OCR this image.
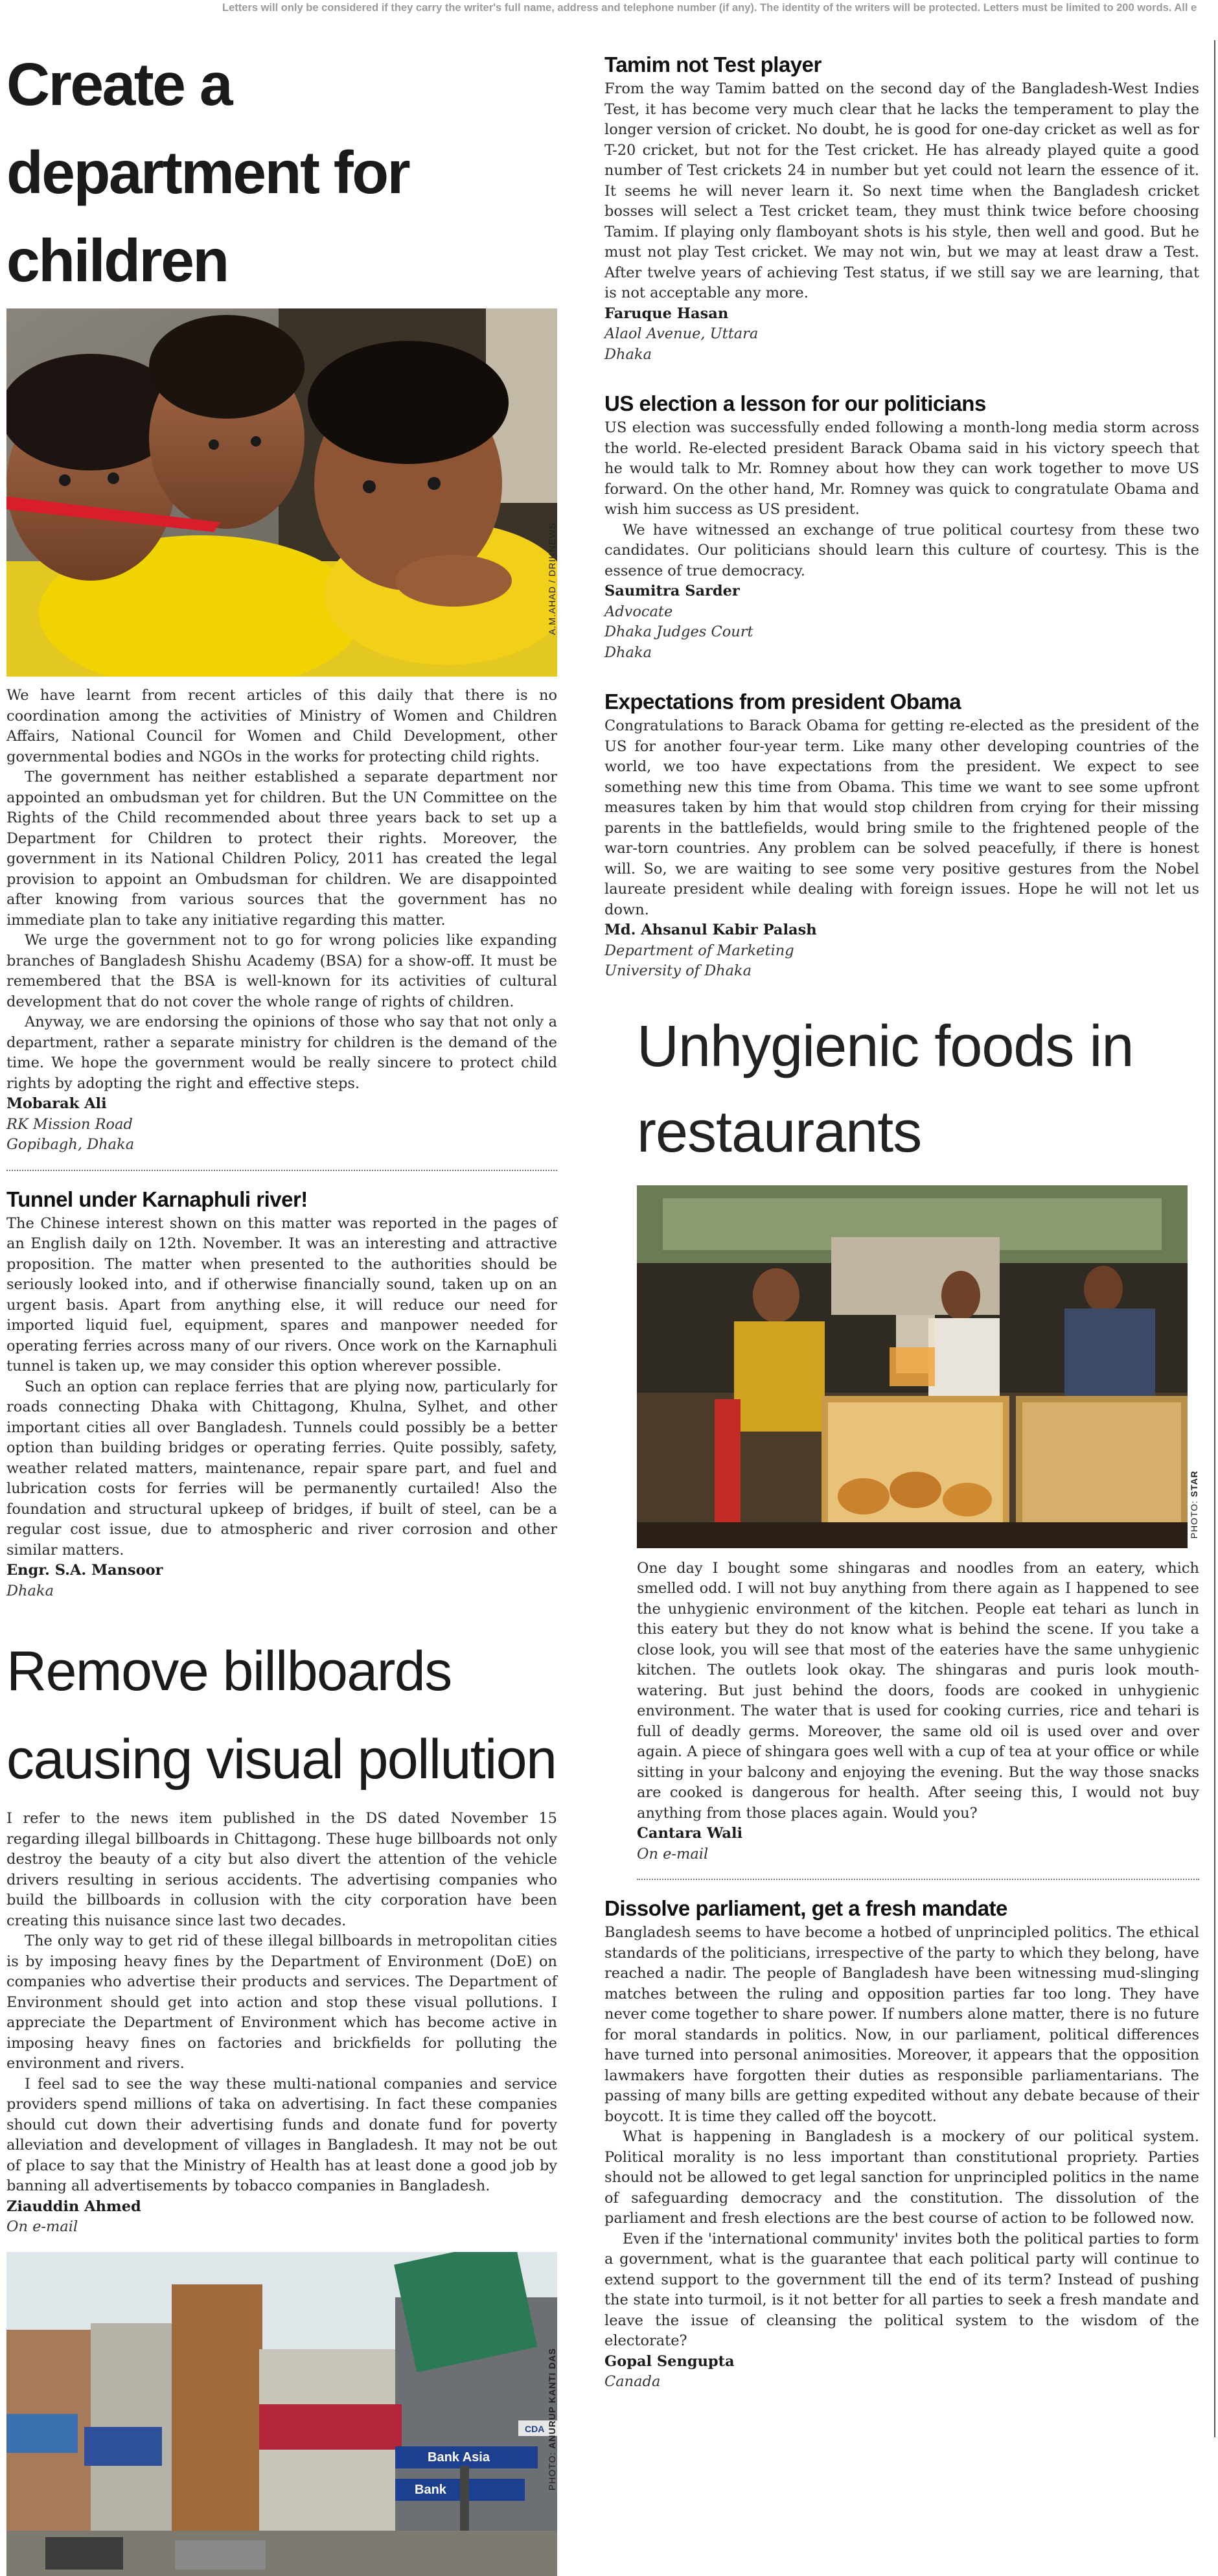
Letters will only be considered if they carry the writer's full name, address and telephone number (if any). The identity of the writers will be protected. Letters must be limited to 200 words. All e
Create a department for children
A.M.AHAD / DRIKNEWS

We have learnt from recent articles of this daily that there is no coordination among the activities of Ministry of Women and Children Affairs, National Council for Women and Child Development, other governmental bodies and NGOs in the works for protecting child rights.

The government has neither established a separate department nor appointed an ombudsman yet for children. But the UN Committee on the Rights of the Child recommended about three years back to set up a Department for Children to protect their rights. Moreover, the government in its National Children Policy, 2011 has created the legal provision to appoint an Ombudsman for children. We are disappointed after knowing from various sources that the government has no immediate plan to take any initiative regarding this matter.

We urge the government not to go for wrong policies like expanding branches of Bangladesh Shishu Academy (BSA) for a show-off. It must be remembered that the BSA is well-known for its activities of cultural development that do not cover the whole range of rights of children.

Anyway, we are endorsing the opinions of those who say that not only a department, rather a separate ministry for children is the demand of the time. We hope the government would be really sincere to protect child rights by adopting the right and effective steps.

Mobarak Ali

RK Mission Road

Gopibagh, Dhaka

Tunnel under Karnaphuli river!

The Chinese interest shown on this matter was reported in the pages of an English daily on 12th. November. It was an interesting and attractive proposition. The matter when presented to the authorities should be seriously looked into, and if otherwise financially sound, taken up on an urgent basis. Apart from anything else, it will reduce our need for imported liquid fuel, equipment, spares and manpower needed for operating ferries across many of our rivers. Once work on the Karnaphuli tunnel is taken up, we may consider this option wherever possible.

Such an option can replace ferries that are plying now, particularly for roads connecting Dhaka with Chittagong, Khulna, Sylhet, and other important cities all over Bangladesh. Tunnels could possibly be a better option than building bridges or operating ferries. Quite possibly, safety, weather related matters, maintenance, repair spare part, and fuel and lubrication costs for ferries will be permanently curtailed! Also the foundation and structural upkeep of bridges, if built of steel, can be a regular cost issue, due to atmospheric and river corrosion and other similar matters.

Engr. S.A. Mansoor

Dhaka

Remove billboards causing visual pollution

I refer to the news item published in the DS dated November 15 regarding illegal billboards in Chittagong. These huge billboards not only destroy the beauty of a city but also divert the attention of the vehicle drivers resulting in serious accidents. The advertising companies who build the billboards in collusion with the city corporation have been creating this nuisance since last two decades.

The only way to get rid of these illegal billboards in metropolitan cities is by imposing heavy fines by the Department of Environment (DoE) on companies who advertise their products and services. The Department of Environment should get into action and stop these visual pollutions. I appreciate the Department of Environment which has become active in imposing heavy fines on factories and brickfields for polluting the environment and rivers.

I feel sad to see the way these multi-national companies and service providers spend millions of taka on advertising. In fact these companies should cut down their advertising funds and donate fund for poverty alleviation and development of villages in Bangladesh. It may not be out of place to say that the Ministry of Health has at least done a good job by banning all advertisements by tobacco companies in Bangladesh.

Ziauddin Ahmed

On e-mail

Bank Asia
Bank
CDA
PHOTO: ANURUP KANTI DAS
Tamim not Test player

From the way Tamim batted on the second day of the Bangladesh-West Indies Test, it has become very much clear that he lacks the temperament to play the longer version of cricket. No doubt, he is good for one-day cricket as well as for T-20 cricket, but not for the Test cricket. He has already played quite a good number of Test crickets 24 in number but yet could not learn the essence of it. It seems he will never learn it. So next time when the Bangladesh cricket bosses will select a Test cricket team, they must think twice before choosing Tamim. If playing only flamboyant shots is his style, then well and good. But he must not play Test cricket. We may not win, but we may at least draw a Test. After twelve years of achieving Test status, if we still say we are learning, that is not acceptable any more.

Faruque Hasan

Alaol Avenue, Uttara

Dhaka

US election a lesson for our politicians

US election was successfully ended following a month-long media storm across the world. Re-elected president Barack Obama said in his victory speech that he would talk to Mr. Romney about how they can work together to move US forward. On the other hand, Mr. Romney was quick to congratulate Obama and wish him success as US president.

We have witnessed an exchange of true political courtesy from these two candidates. Our politicians should learn this culture of courtesy. This is the essence of true democracy.

Saumitra Sarder

Advocate

Dhaka Judges Court

Dhaka

Expectations from president Obama

Congratulations to Barack Obama for getting re-elected as the president of the US for another four-year term. Like many other developing countries of the world, we too have expectations from the president. We expect to see something new this time from Obama. This time we want to see some upfront measures taken by him that would stop children from crying for their missing parents in the battlefields, would bring smile to the frightened people of the war-torn countries. Any problem can be solved peacefully, if there is honest will. So, we are waiting to see some very positive gestures from the Nobel laureate president while dealing with foreign issues. Hope he will not let us down.

Md. Ahsanul Kabir Palash

Department of Marketing

University of Dhaka

Unhygienic foods in restaurants
PHOTO: STAR

One day I bought some shingaras and noodles from an eatery, which smelled odd. I will not buy anything from there again as I happened to see the unhygienic environment of the kitchen. People eat tehari as lunch in this eatery but they do not know what is behind the scene. If you take a close look, you will see that most of the eateries have the same unhygienic kitchen. The outlets look okay. The shingaras and puris look mouth-watering. But just behind the doors, foods are cooked in unhygienic environment. The water that is used for cooking curries, rice and tehari is full of deadly germs. Moreover, the same old oil is used over and over again. A piece of shingara goes well with a cup of tea at your office or while sitting in your balcony and enjoying the evening. But the way those snacks are cooked is dangerous for health. After seeing this, I would not buy anything from those places again. Would you?

Cantara Wali

On e-mail

Dissolve parliament, get a fresh mandate

Bangladesh seems to have become a hotbed of unprincipled politics. The ethical standards of the politicians, irrespective of the party to which they belong, have reached a nadir. The people of Bangladesh have been witnessing mud-slinging matches between the ruling and opposition parties far too long. They have never come together to share power. If numbers alone matter, there is no future for moral standards in politics. Now, in our parliament, political differences have turned into personal animosities. Moreover, it appears that the opposition lawmakers have forgotten their duties as responsible parliamentarians. The passing of many bills are getting expedited without any debate because of their boycott. It is time they called off the boycott.

What is happening in Bangladesh is a mockery of our political system. Political morality is no less important than constitutional propriety. Parties should not be allowed to get legal sanction for unprincipled politics in the name of safeguarding democracy and the constitution. The dissolution of the parliament and fresh elections are the best course of action to be followed now.

Even if the 'international community' invites both the political parties to form a government, what is the guarantee that each political party will continue to extend support to the government till the end of its term? Instead of pushing the state into turmoil, is it not better for all parties to seek a fresh mandate and leave the issue of cleansing the political system to the wisdom of the electorate?

Gopal Sengupta

Canada
